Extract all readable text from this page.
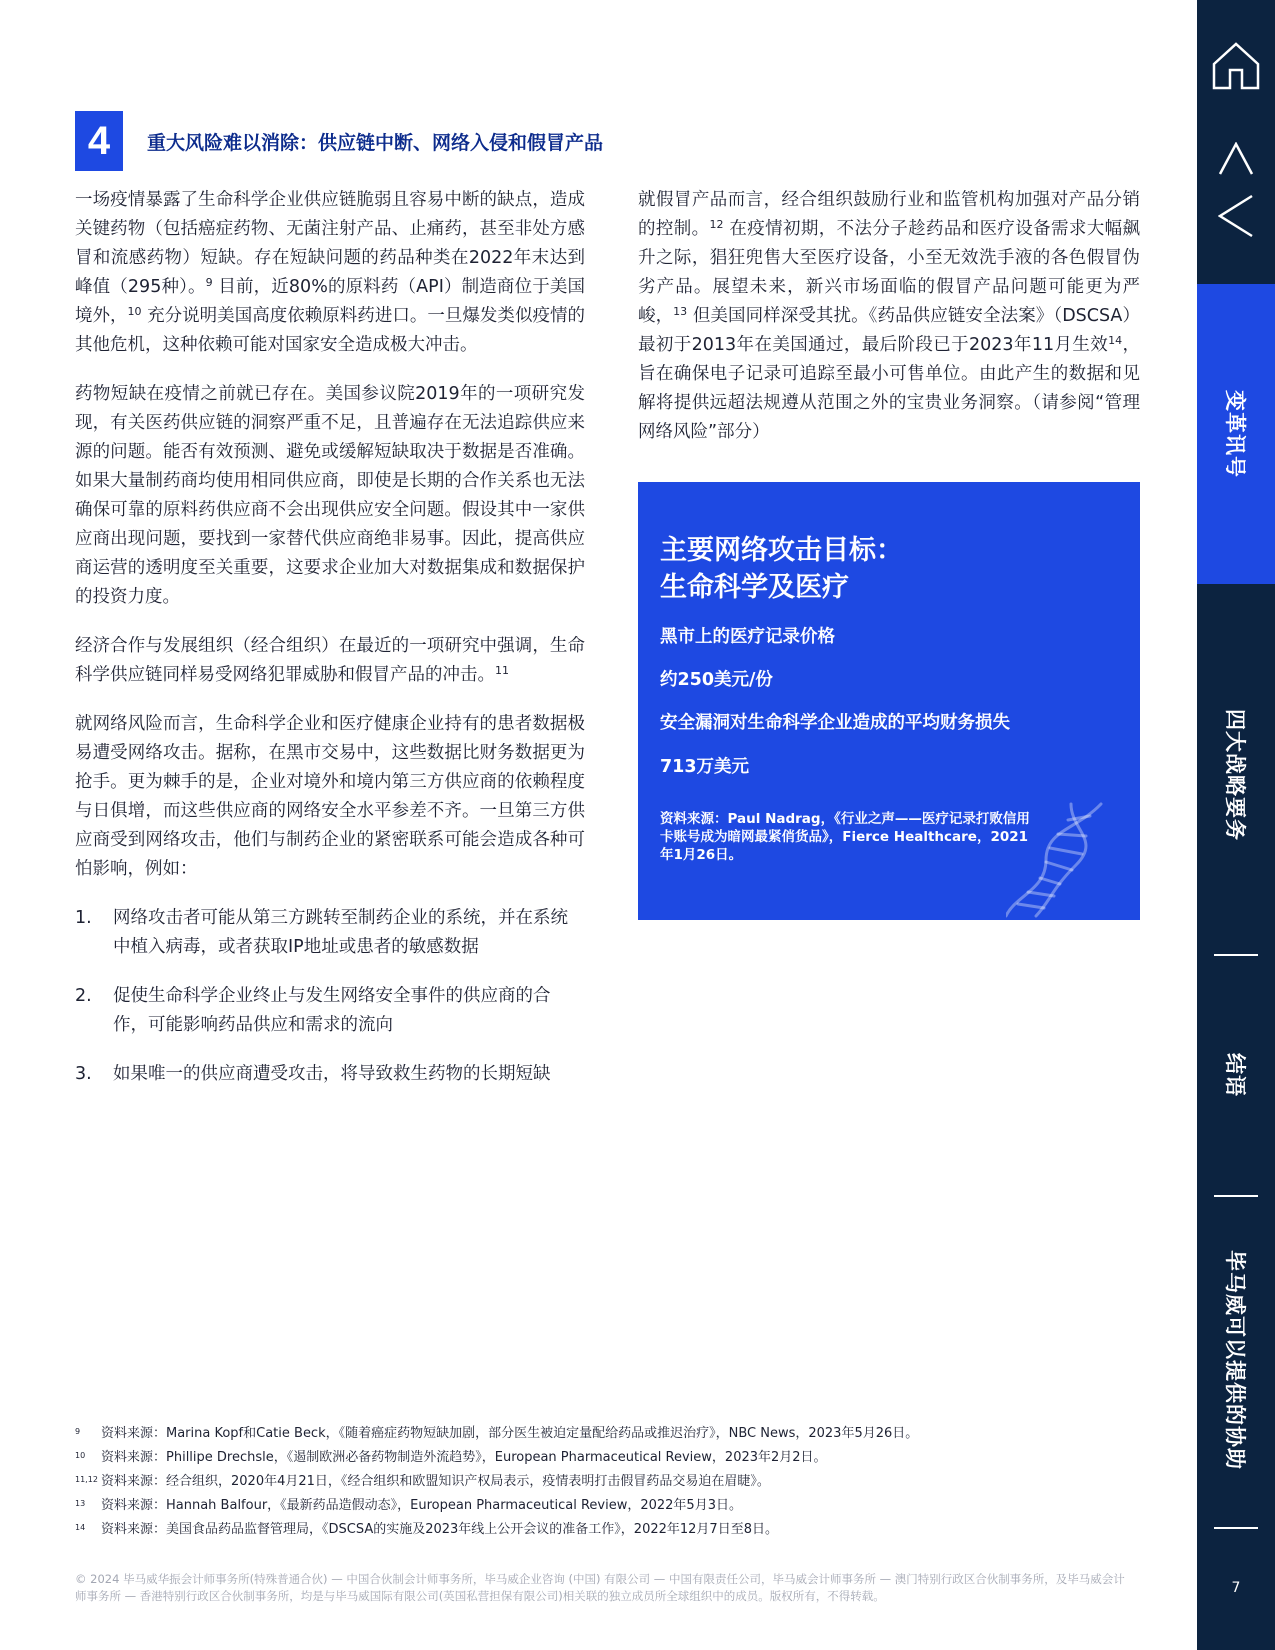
4	重大风险难以消除：供应链中断、网络入侵和假冒产品

一场疫情暴露了生命科学企业供应链脆弱且容易中断的缺点，造成关键药物（包括癌症药物、无菌注射产品、止痛药，甚至非处方感冒和流感药物）短缺。存在短缺问题的药品种类在2022年末达到峰值（295种）。$^9$ 目前，近80%的原料药（API）制造商位于美国境外，$^{10}$ 充分说明美国高度依赖原料药进口。一旦爆发类似疫情的其他危机，这种依赖可能对国家安全造成极大冲击。

药物短缺在疫情之前就已存在。美国参议院2019年的一项研究发现，有关医药供应链的洞察严重不足，且普遍存在无法追踪供应来源的问题。能否有效预测、避免或缓解短缺取决于数据是否准确。如果大量制药商均使用相同供应商，即使是长期的合作关系也无法确保可靠的原料药供应商不会出现供应安全问题。假设其中一家供应商出现问题，要找到一家替代供应商绝非易事。因此，提高供应商运营的透明度至关重要，这要求企业加大对数据集成和数据保护的投资力度。

经济合作与发展组织（经合组织）在最近的一项研究中强调，生命科学供应链同样易受网络犯罪威胁和假冒产品的冲击。$^{11}$

就网络风险而言，生命科学企业和医疗健康企业持有的患者数据极易遭受网络攻击。据称，在黑市交易中，这些数据比财务数据更为抢手。更为棘手的是，企业对境外和境内第三方供应商的依赖程度与日俱增，而这些供应商的网络安全水平参差不齐。一旦第三方供应商受到网络攻击，他们与制药企业的紧密联系可能会造成各种可怕影响，例如：

1. 网络攻击者可能从第三方跳转至制药企业的系统，并在系统中植入病毒，或者获取IP地址或患者的敏感数据
2. 促使生命科学企业终止与发生网络安全事件的供应商的合作，可能影响药品供应和需求的流向
3. 如果唯一的供应商遭受攻击，将导致救生药物的长期短缺

就假冒产品而言，经合组织鼓励行业和监管机构加强对产品分销的控制。$^{12}$ 在疫情初期，不法分子趁药品和医疗设备需求大幅飙升之际，猖狂兜售大至医疗设备，小至无效洗手液的各色假冒伪劣产品。展望未来，新兴市场面临的假冒产品问题可能更为严峻，$^{13}$ 但美国同样深受其扰。《药品供应链安全法案》（DSCSA）最初于2013年在美国通过，最后阶段已于2023年11月生效$^{14}$，旨在确保电子记录可追踪至最小可售单位。由此产生的数据和见解将提供远超法规遵从范围之外的宝贵业务洞察。（请参阅“管理网络风险”部分）

主要网络攻击目标：
生命科学及医疗
黑市上的医疗记录价格
约250美元/份
安全漏洞对生命科学企业造成的平均财务损失
713万美元
资料来源：Paul Nadrag，《行业之声——医疗记录打败信用卡账号成为暗网最紧俏货品》，Fierce Healthcare，2021年1月26日。
9 资料来源：Marina Kopf和Catie Beck，《随着癌症药物短缺加剧，部分医生被迫定量配给药品或推迟治疗》，NBC News，2023年5月26日。
10 资料来源：Phillipe Drechsle，《遏制欧洲必备药物制造外流趋势》，European Pharmaceutical Review，2023年2月2日。
11,12 资料来源：经合组织，2020年4月21日，《经合组织和欧盟知识产权局表示，疫情表明打击假冒药品交易迫在眉睫》。
13 资料来源：Hannah Balfour，《最新药品造假动态》，European Pharmaceutical Review，2022年5月3日。
14 资料来源：美国食品药品监督管理局，《DSCSA的实施及2023年线上公开会议的准备工作》，2022年12月7日至8日。
© 2024 毕马威华振会计师事务所(特殊普通合伙) — 中国合伙制会计师事务所，毕马威企业咨询 (中国) 有限公司 — 中国有限责任公司，毕马威会计师事务所 — 澳门特别行政区合伙制事务所，及毕马威会计师事务所 — 香港特别行政区合伙制事务所，均是与毕马威国际有限公司(英国私营担保有限公司)相关联的独立成员所全球组织中的成员。版权所有，不得转载。
变革讯号
四大战略要务
结语
毕马威可以提供的协助
7
